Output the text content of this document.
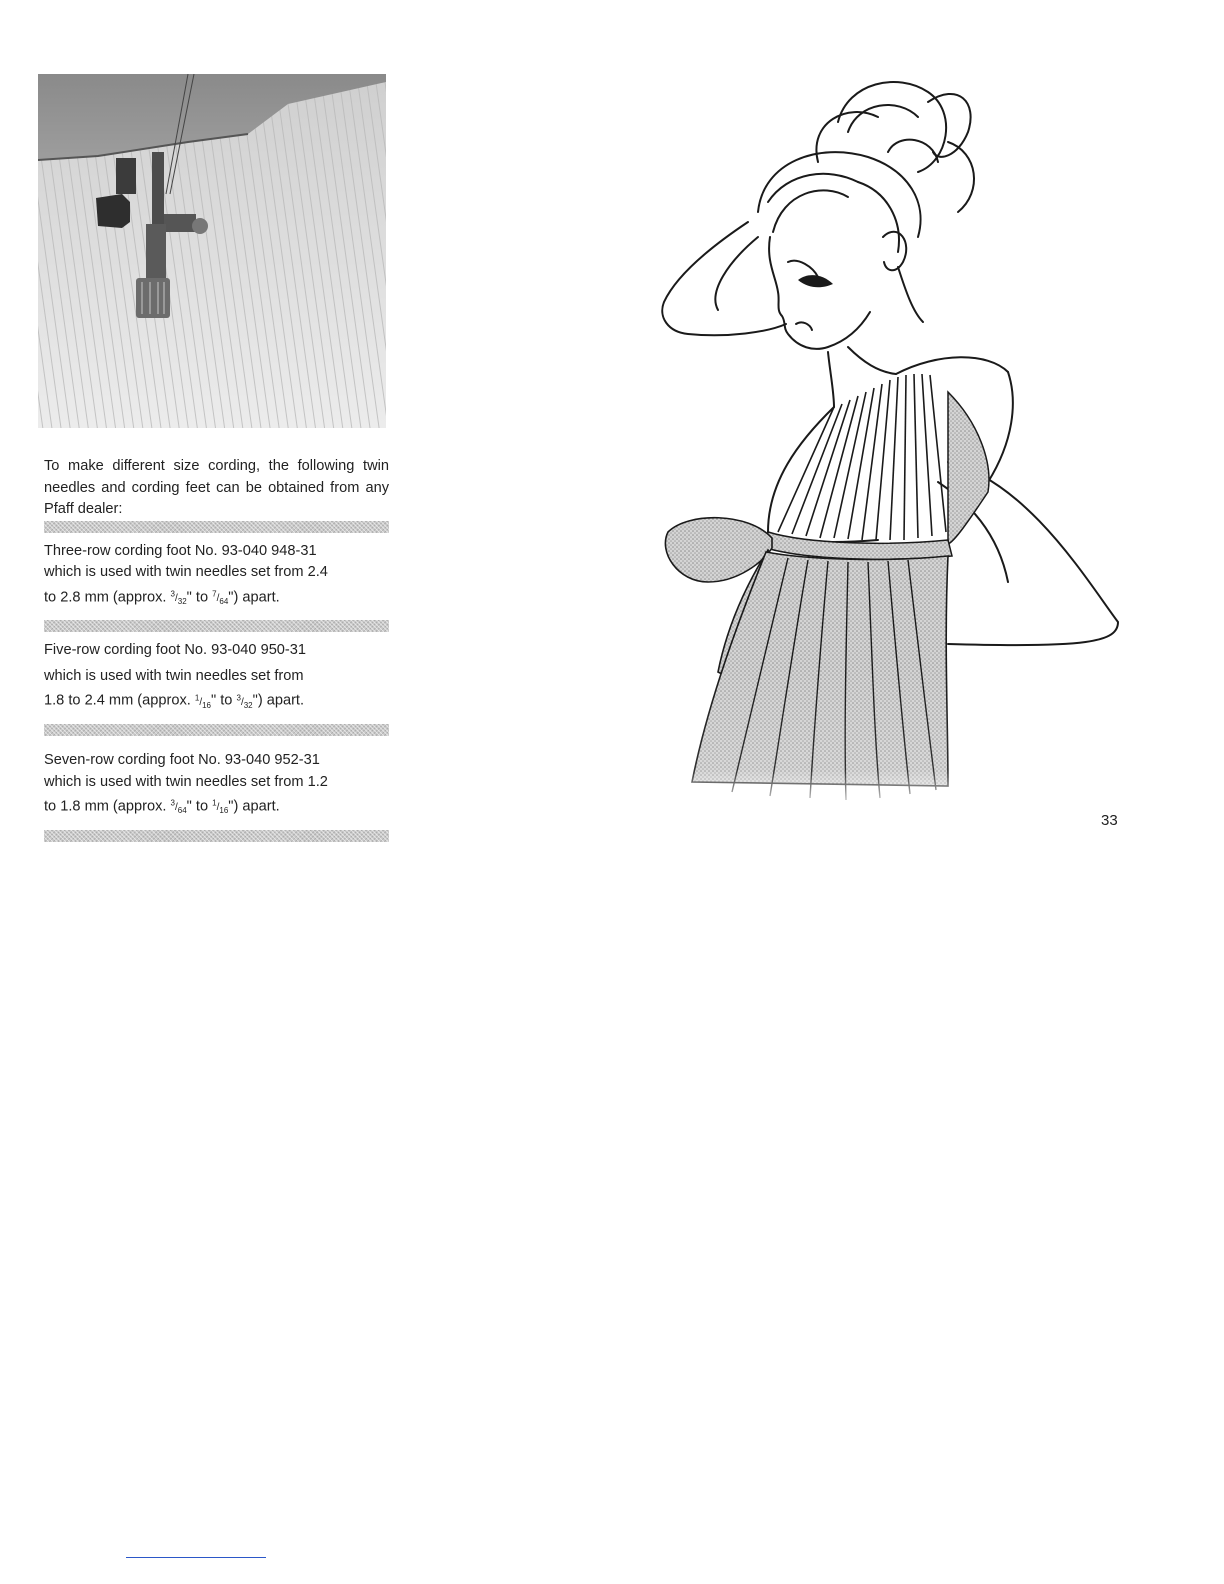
To make different size cording, the following twin needles and cording feet can be obtained from any Pfaff dealer:

Three-row cording foot No. 93-040 948-31

which is used with twin needles set from 2.4

to 2.8 mm (approx. $^3/_{32}$" to $^7/_{64}$") apart.

Five-row cording foot No. 93-040 950-31

which is used with twin needles set from

1.8 to 2.4 mm (approx. $^1/_{16}$" to $^3/_{32}$") apart.

Seven-row cording foot No. 93-040 952-31

which is used with twin needles set from 1.2

to 1.8 mm (approx. $^3/_{64}$" to $^1/_{16}$") apart.

33
